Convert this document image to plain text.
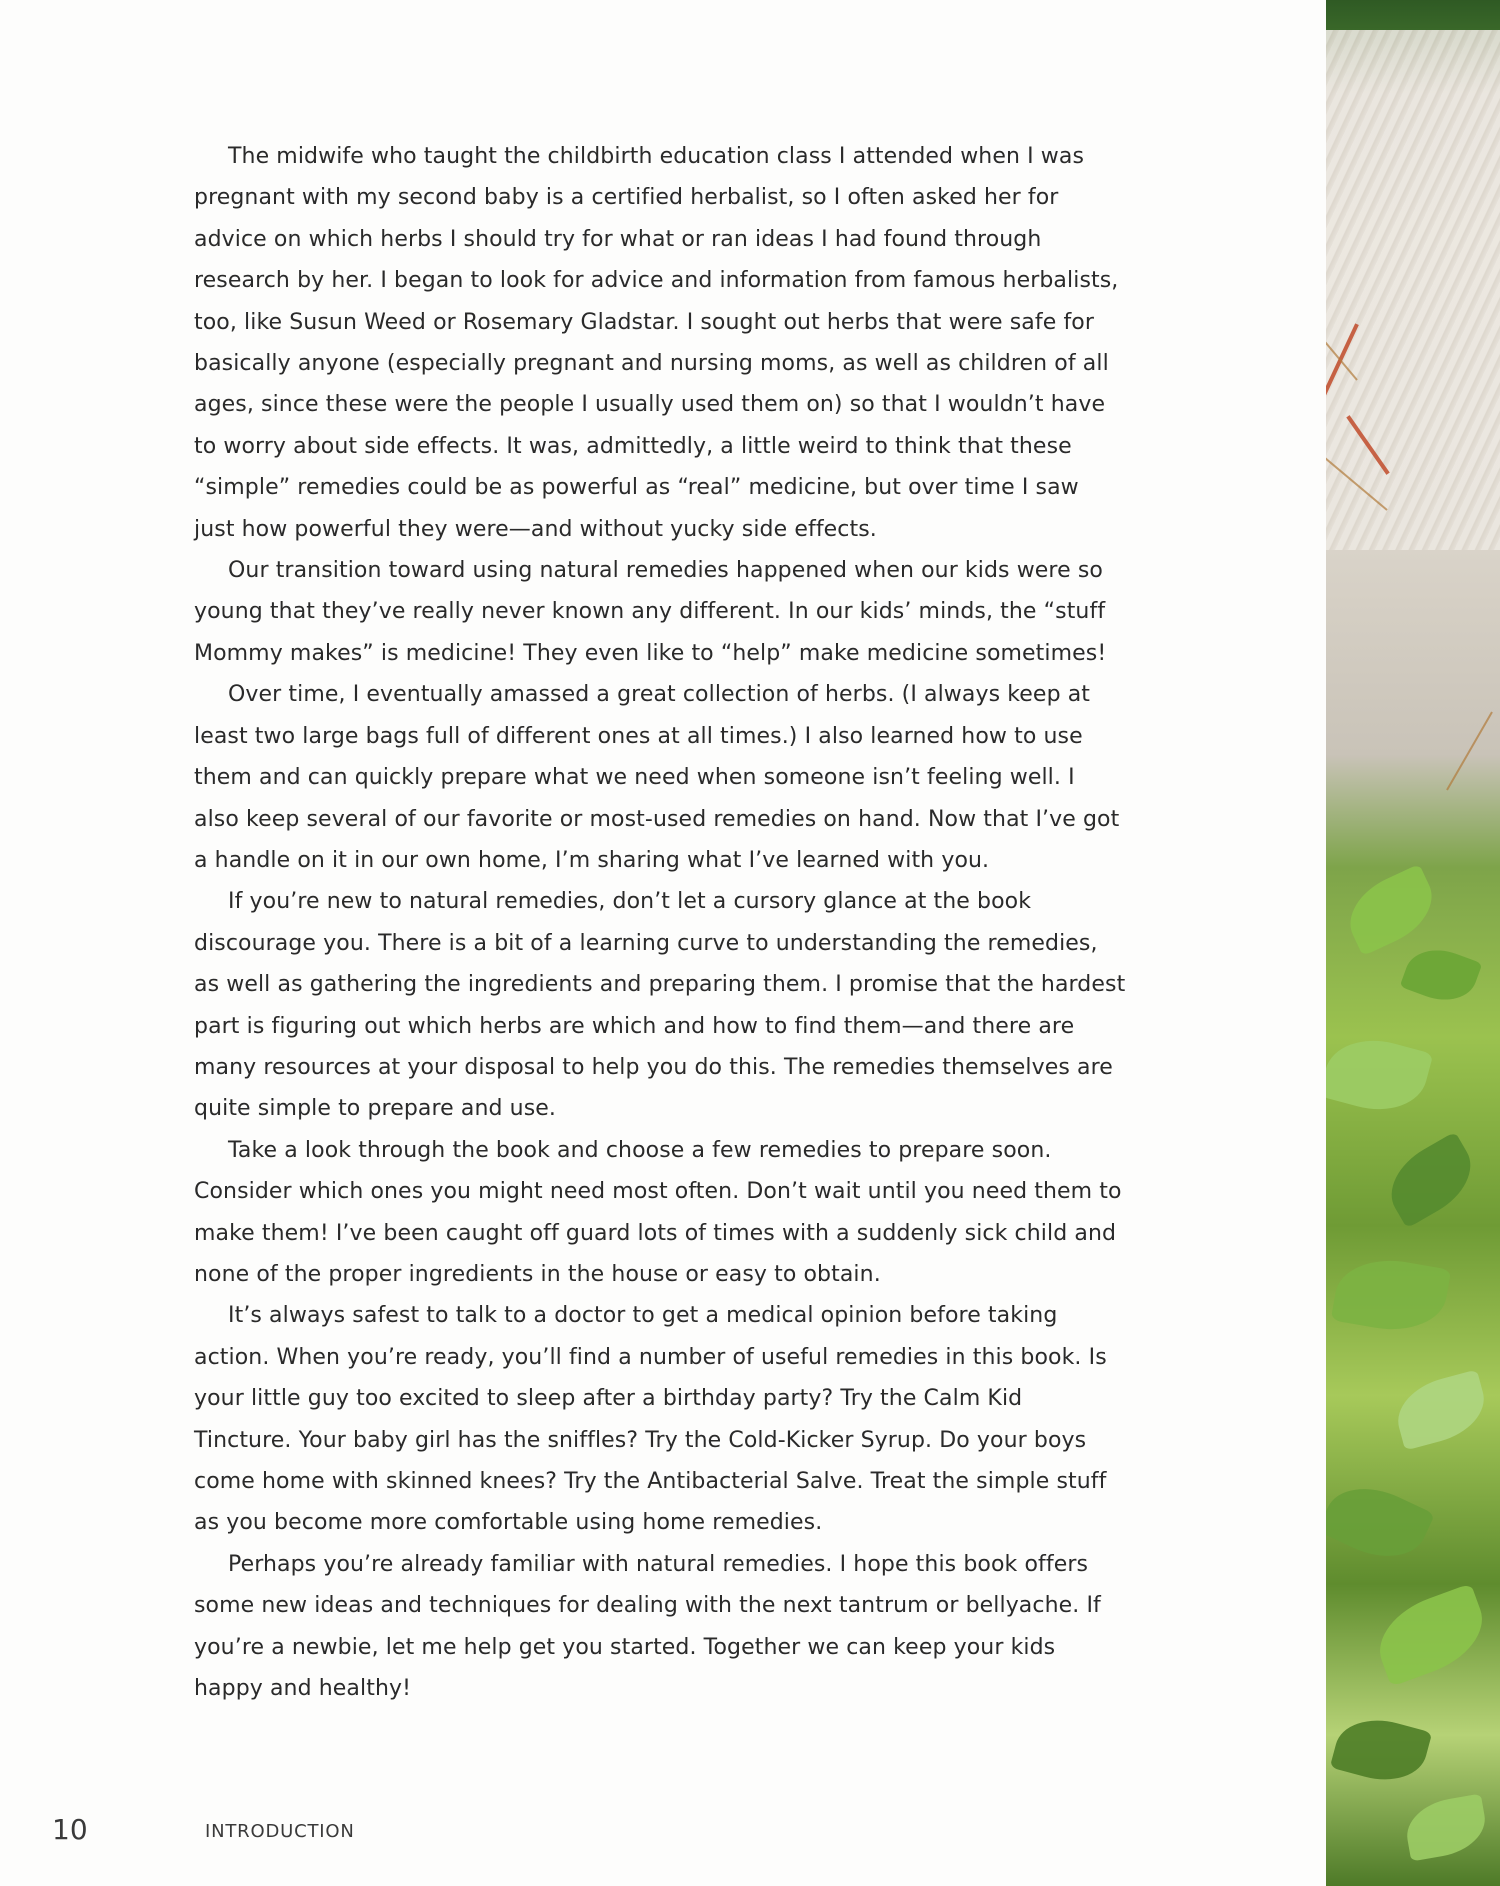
The midwife who taught the childbirth education class I attended when I was pregnant with my second baby is a certified herbalist, so I often asked her for advice on which herbs I should try for what or ran ideas I had found through research by her. I began to look for advice and information from famous herbalists, too, like Susun Weed or Rosemary Gladstar. I sought out herbs that were safe for basically anyone (especially pregnant and nursing moms, as well as children of all ages, since these were the people I usually used them on) so that I wouldn’t have to worry about side effects. It was, admittedly, a little weird to think that these “simple” remedies could be as powerful as “real” medicine, but over time I saw just how powerful they were—and without yucky side effects.

Our transition toward using natural remedies happened when our kids were so young that they’ve really never known any different. In our kids’ minds, the “stuff Mommy makes” is medicine! They even like to “help” make medicine sometimes!

Over time, I eventually amassed a great collection of herbs. (I always keep at least two large bags full of different ones at all times.) I also learned how to use them and can quickly prepare what we need when someone isn’t feeling well. I also keep several of our favorite or most-used remedies on hand. Now that I’ve got a handle on it in our own home, I’m sharing what I’ve learned with you.

If you’re new to natural remedies, don’t let a cursory glance at the book discourage you. There is a bit of a learning curve to understanding the remedies, as well as gathering the ingredients and preparing them. I promise that the hardest part is figuring out which herbs are which and how to find them—and there are many resources at your disposal to help you do this. The remedies themselves are quite simple to prepare and use.

Take a look through the book and choose a few remedies to prepare soon. Consider which ones you might need most often. Don’t wait until you need them to make them! I’ve been caught off guard lots of times with a suddenly sick child and none of the proper ingredients in the house or easy to obtain.

It’s always safest to talk to a doctor to get a medical opinion before taking action. When you’re ready, you’ll find a number of useful remedies in this book. Is your little guy too excited to sleep after a birthday party? Try the Calm Kid Tincture. Your baby girl has the sniffles? Try the Cold-Kicker Syrup. Do your boys come home with skinned knees? Try the Antibacterial Salve. Treat the simple stuff as you become more comfortable using home remedies.

Perhaps you’re already familiar with natural remedies. I hope this book offers some new ideas and techniques for dealing with the next tantrum or bellyache. If you’re a newbie, let me help get you started. Together we can keep your kids happy and healthy!

10	INTRODUCTION
